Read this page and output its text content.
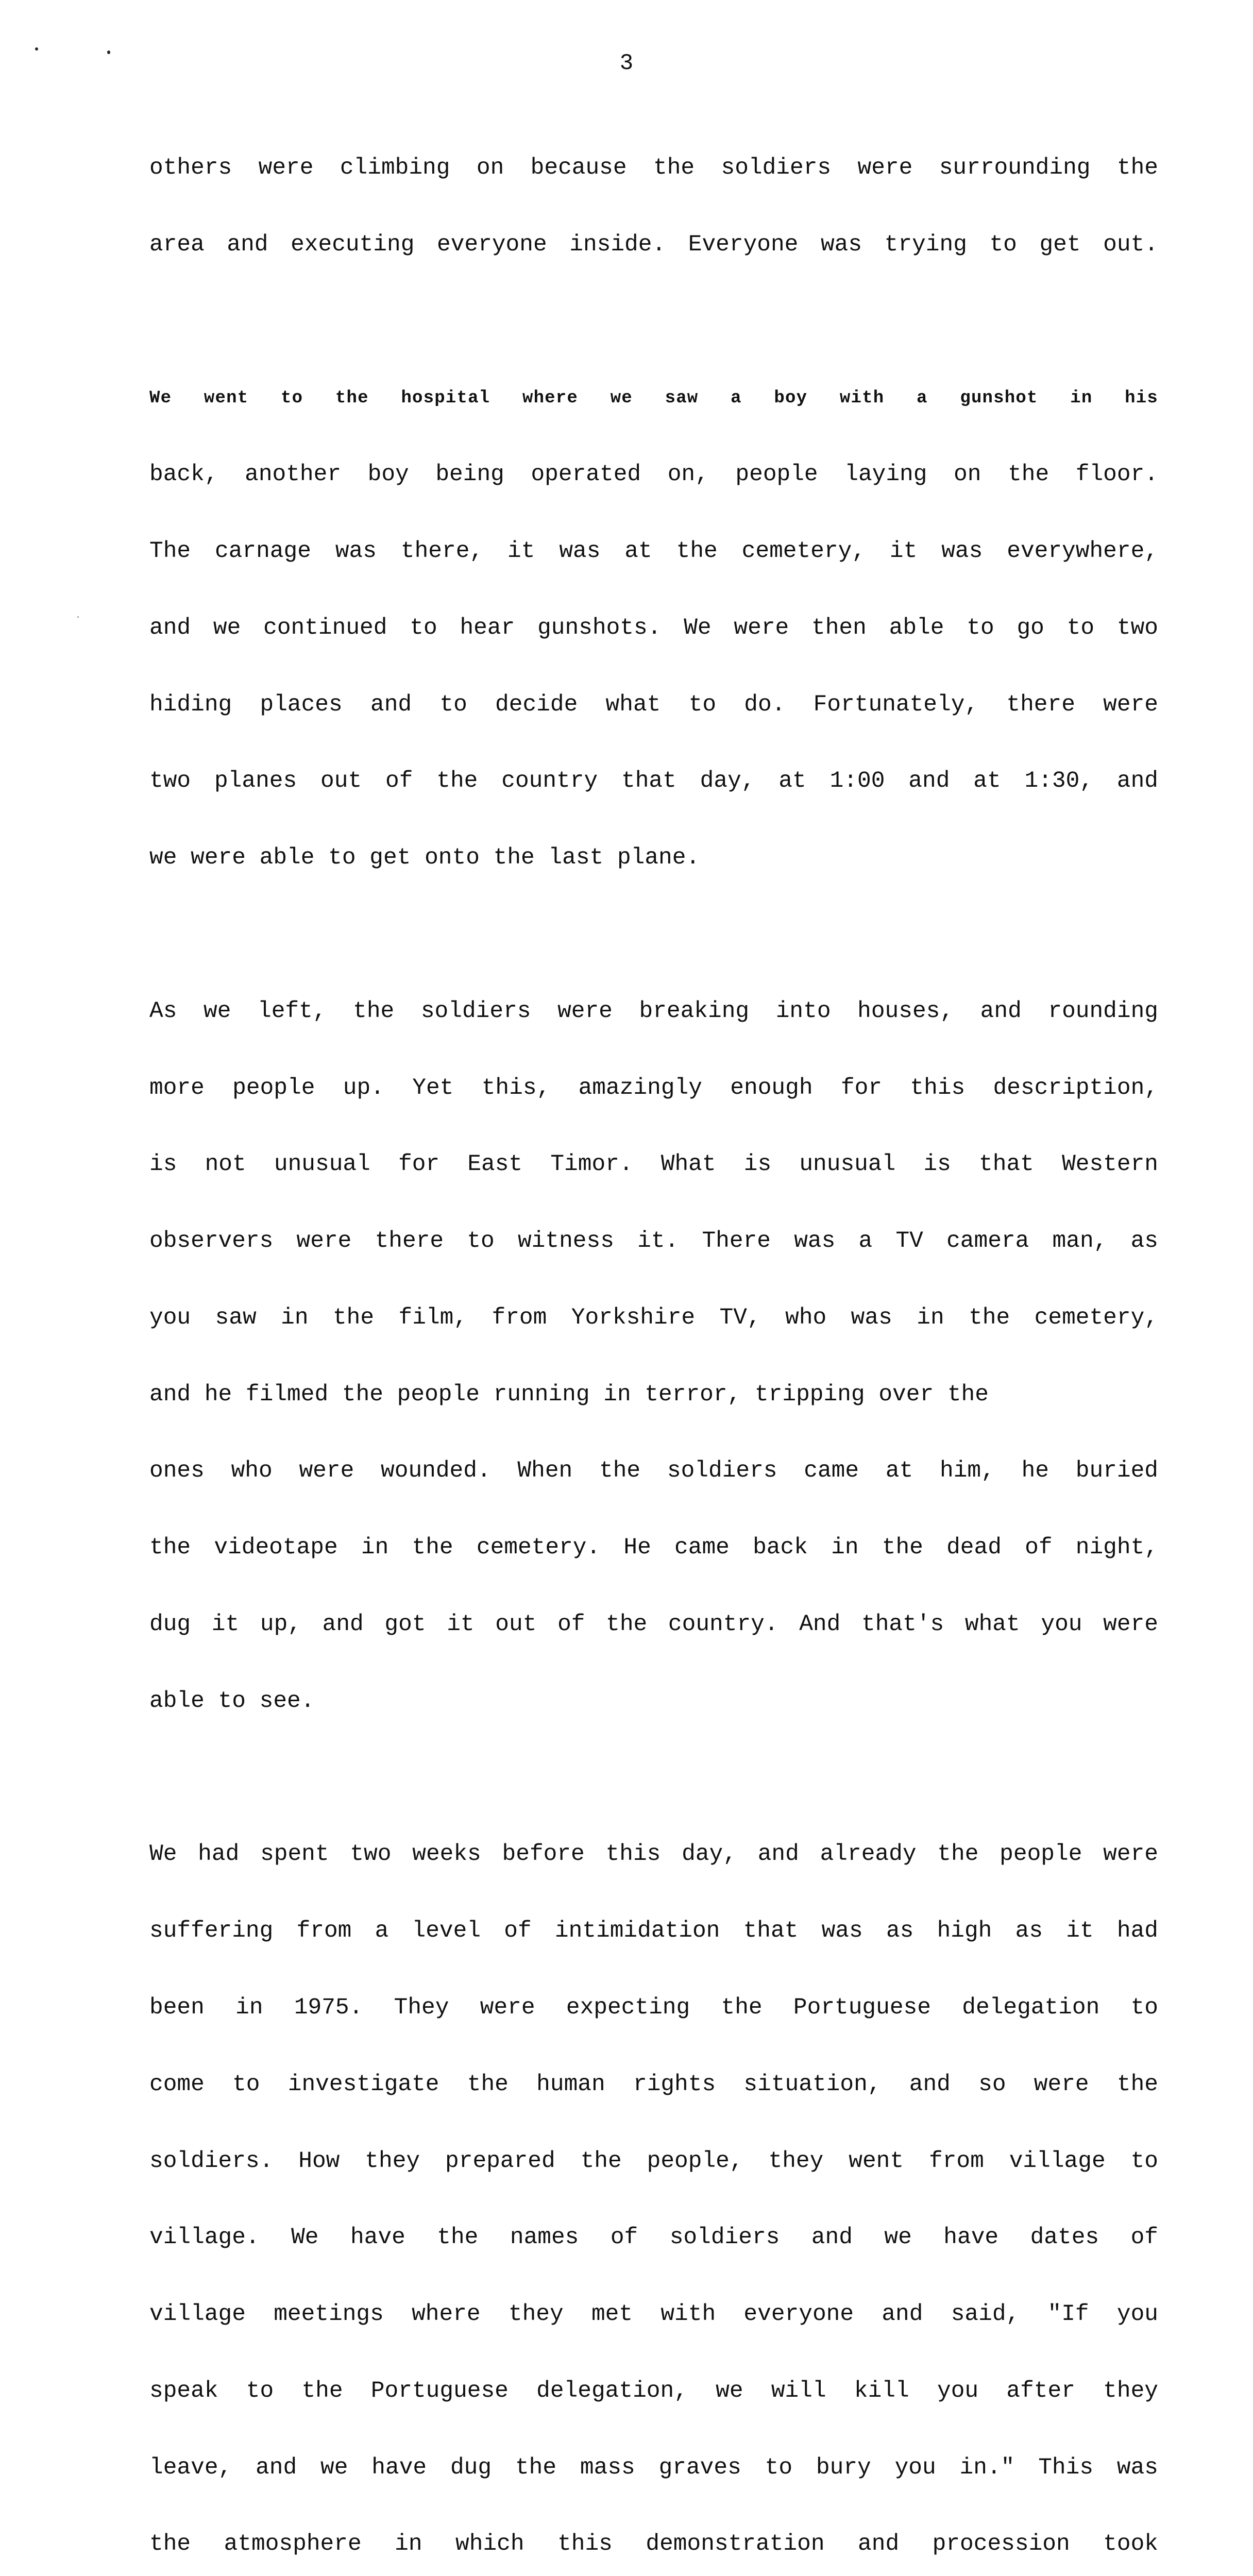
3

others were climbing on because the soldiers were surrounding the

area and executing everyone inside. Everyone was trying to get out.

We went to the hospital where we saw a boy with a gunshot in his

back, another boy being operated on, people laying on the floor.

The carnage was there, it was at the cemetery, it was everywhere,

and we continued to hear gunshots. We were then able to go to two

hiding places and to decide what to do. Fortunately, there were

two planes out of the country that day, at 1:00 and at 1:30, and

we were able to get onto the last plane.

As we left, the soldiers were breaking into houses, and rounding

more people up. Yet this, amazingly enough for this description,

is not unusual for East Timor. What is unusual is that Western

observers were there to witness it. There was a TV camera man, as

you saw in the film, from Yorkshire TV, who was in the cemetery,

and he filmed the people running in terror, tripping over the

ones who were wounded. When the soldiers came at him, he buried

the videotape in the cemetery. He came back in the dead of night,

dug it up, and got it out of the country. And that's what you were

able to see.

We had spent two weeks before this day, and already the people were

suffering from a level of intimidation that was as high as it had

been in 1975. They were expecting the Portuguese delegation to

come to investigate the human rights situation, and so were the

soldiers. How they prepared the people, they went from village to

village. We have the names of soldiers and we have dates of

village meetings where they met with everyone and said, "If you

speak to the Portuguese delegation, we will kill you after they

leave, and we have dug the mass graves to bury you in." This was

the atmosphere in which this demonstration and procession took
